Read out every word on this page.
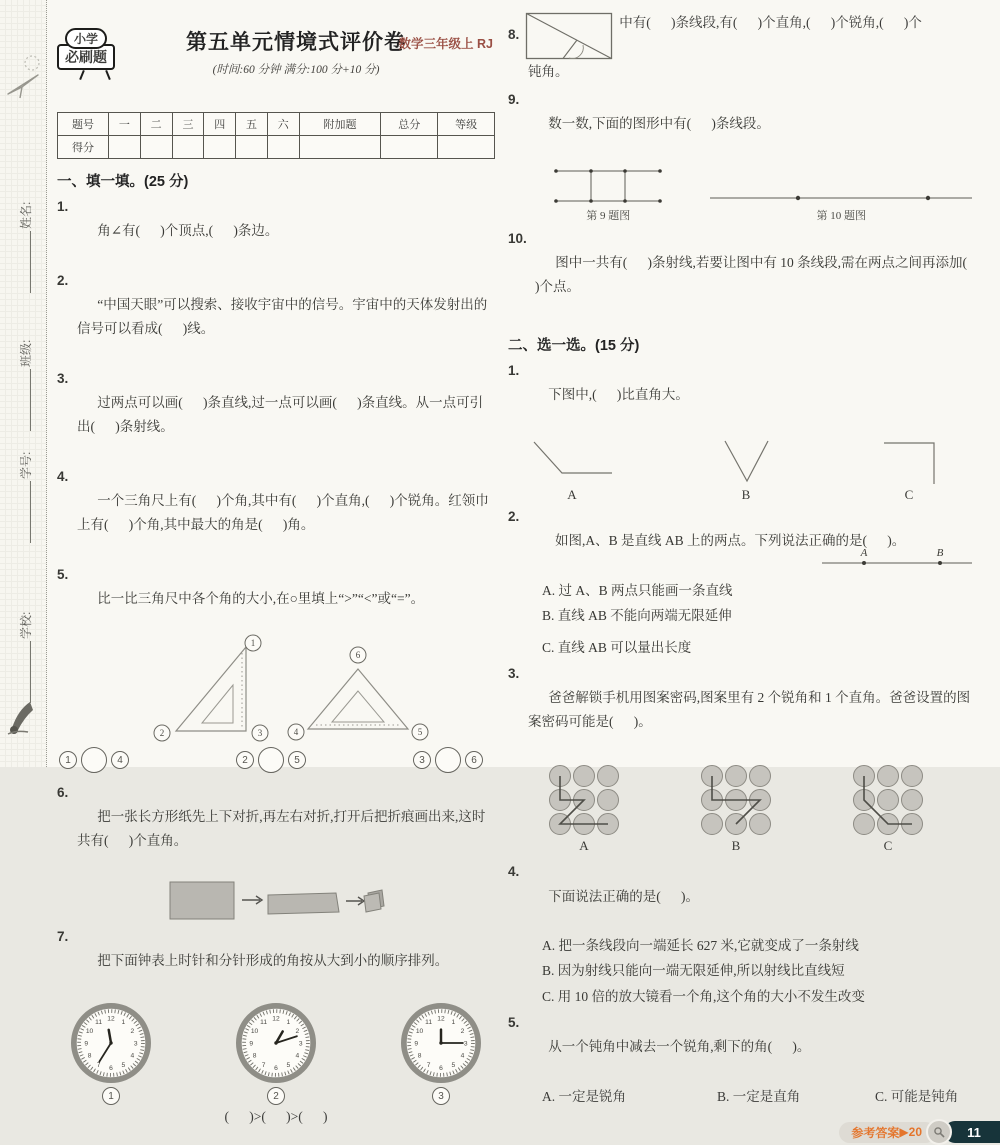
姓名:
班级:
学号:
学校:
小学
必刷题
数学三年级上 RJ
第五单元情境式评价卷
(时间:60 分钟 满分:100 分+10 分)
题号	一	二	三	四	五	六	附加题	总分	等级
得分									
一、填一填。(25 分)

1.
角∠有(      )个顶点,(      )条边。

2.
“中国天眼”可以搜索、接收宇宙中的信号。宇宙中的天体发射出的信号可以看成(      )线。

3.
过两点可以画(      )条直线,过一点可以画(      )条直线。从一点可引出(      )条射线。

4.
一个三角尺上有(      )个角,其中有(      )个直角,(      )个锐角。红领巾上有(      )个角,其中最大的角是(      )角。

5.
比一比三角尺中各个角的大小,在○里填上“>”“<”或“=”。

1
2	3
6
4	5
1	4	2	5	3	6

6.
把一张长方形纸先上下对折,再左右对折,打开后把折痕画出来,这时共有(      )个直角。

7.
把下面钟表上时针和分针形成的角按从大到小的顺序排列。

1
2
3
4
5
6
7
8
9
10
11 12
1
1
2
3
4
5
6
7
8
9
10
11 12
2
1
2
3
4
5
6
7
8
9
10
11 12
3
(      )>(      )>(      )
8.
中有(      )条线段,有(      )个直角,(      )个锐角,(      )个
钝角。

9.
数一数,下面的图形中有(      )条线段。

第 9 题图	第 10 题图

10.
图中一共有(      )条射线,若要让图中有 10 条线段,需在两点之间再添加(      )个点。

二、选一选。(15 分)

1.
下图中,(      )比直角大。

A	B	C

2.
如图,A、B 是直线 AB 上的两点。下列说法正确的是(      )。

A. 过 A、B 两点只能画一条直线
B. 直线 AB 不能向两端无限延伸
C. 直线 AB 可以量出长度
A	B

3.
爸爸解锁手机用图案密码,图案里有 2 个锐角和 1 个直角。爸爸设置的图案密码可能是(      )。

A	B	C

4.
下面说法正确的是(      )。

A. 把一条线段向一端延长 627 米,它就变成了一条射线
B. 因为射线只能向一端无限延伸,所以射线比直线短
C. 用 10 倍的放大镜看一个角,这个角的大小不发生改变

5.
从一个钝角中减去一个锐角,剩下的角(      )。

A. 一定是锐角	B. 一定是直角	C. 可能是钝角
参考答案 ▶20	11
